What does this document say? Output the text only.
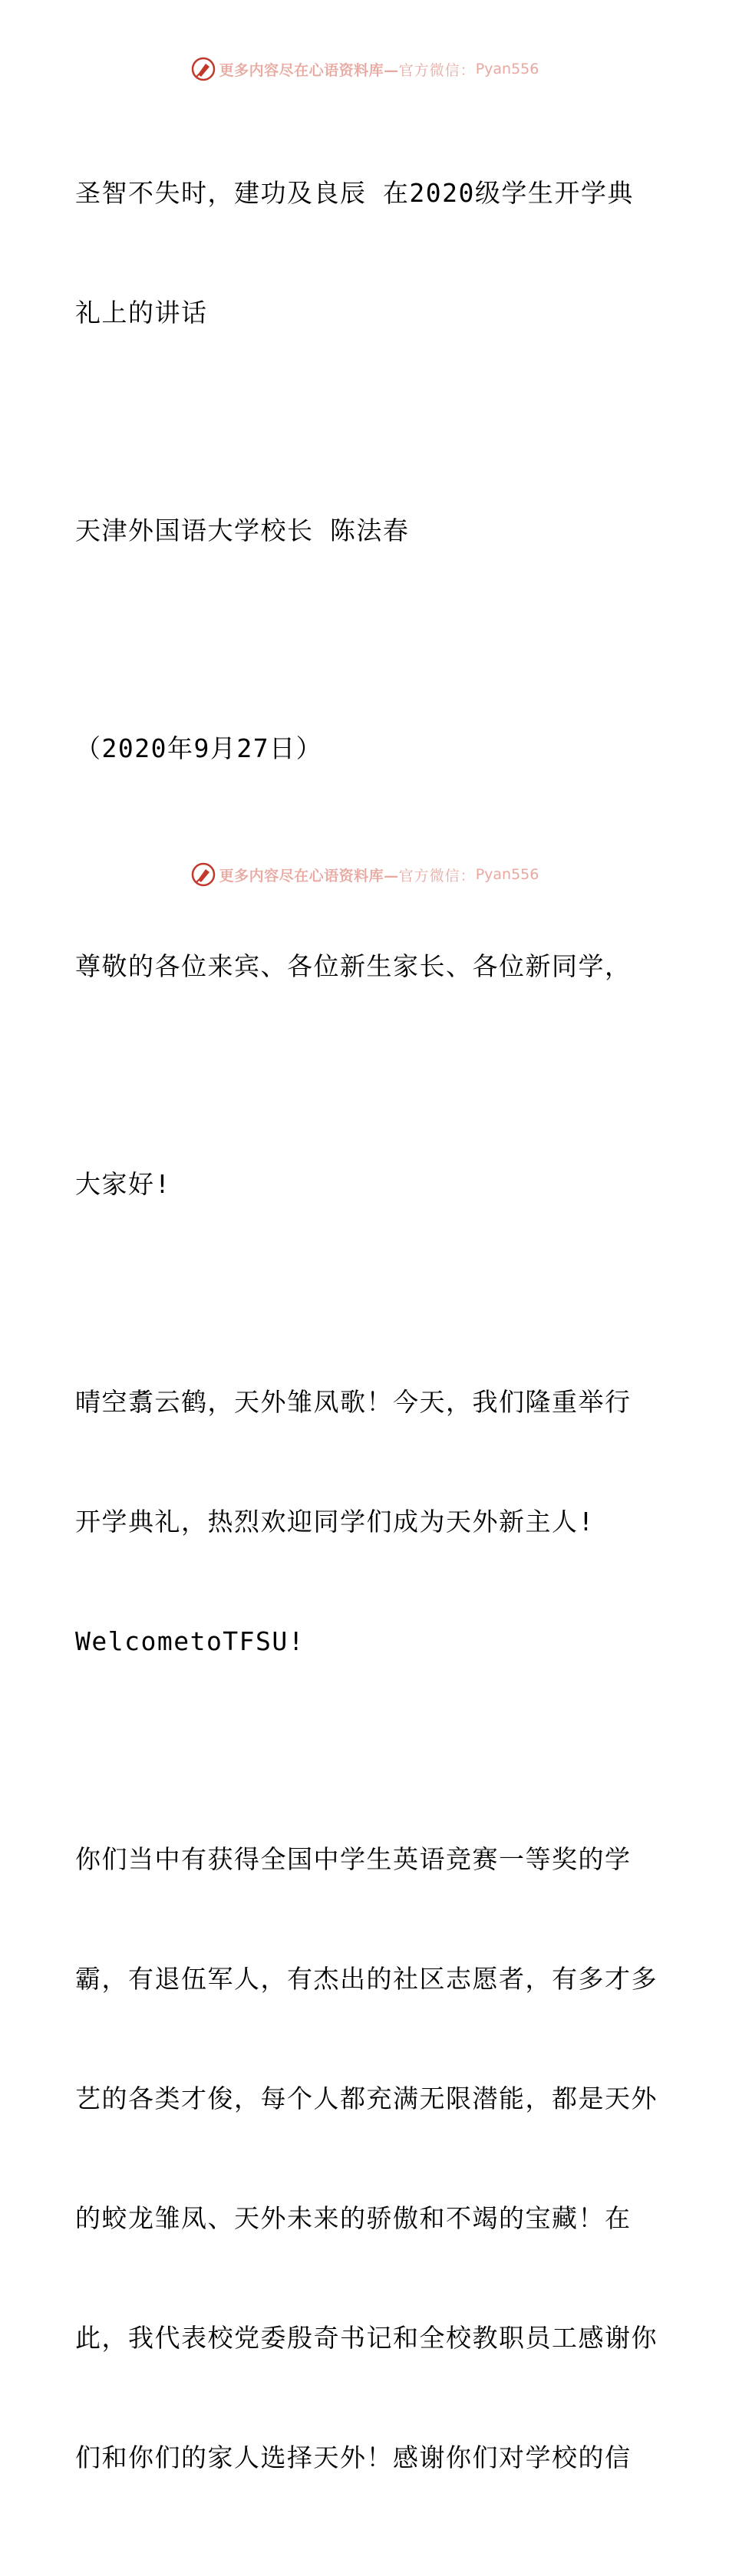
更多内容尽在心语资料库— 官方微信： Pyan556

圣智不失时，建功及良辰 在2020级学生开学典

礼上的讲话

天津外国语大学校长 陈法春

（2020年9月27日）

尊敬的各位来宾、各位新生家长、各位新同学，

大家好!

晴空翥云鹤，天外雏凤歌！今天，我们隆重举行

开学典礼，热烈欢迎同学们成为天外新主人!

WelcometoTFSU!

你们当中有获得全国中学生英语竞赛一等奖的学

霸，有退伍军人，有杰出的社区志愿者，有多才多

艺的各类才俊，每个人都充满无限潜能，都是天外

的蛟龙雏凤、天外未来的骄傲和不竭的宝藏！在

此，我代表校党委殷奇书记和全校教职员工感谢你

们和你们的家人选择天外！感谢你们对学校的信

更多内容尽在心语资料库— 官方微信： Pyan556
